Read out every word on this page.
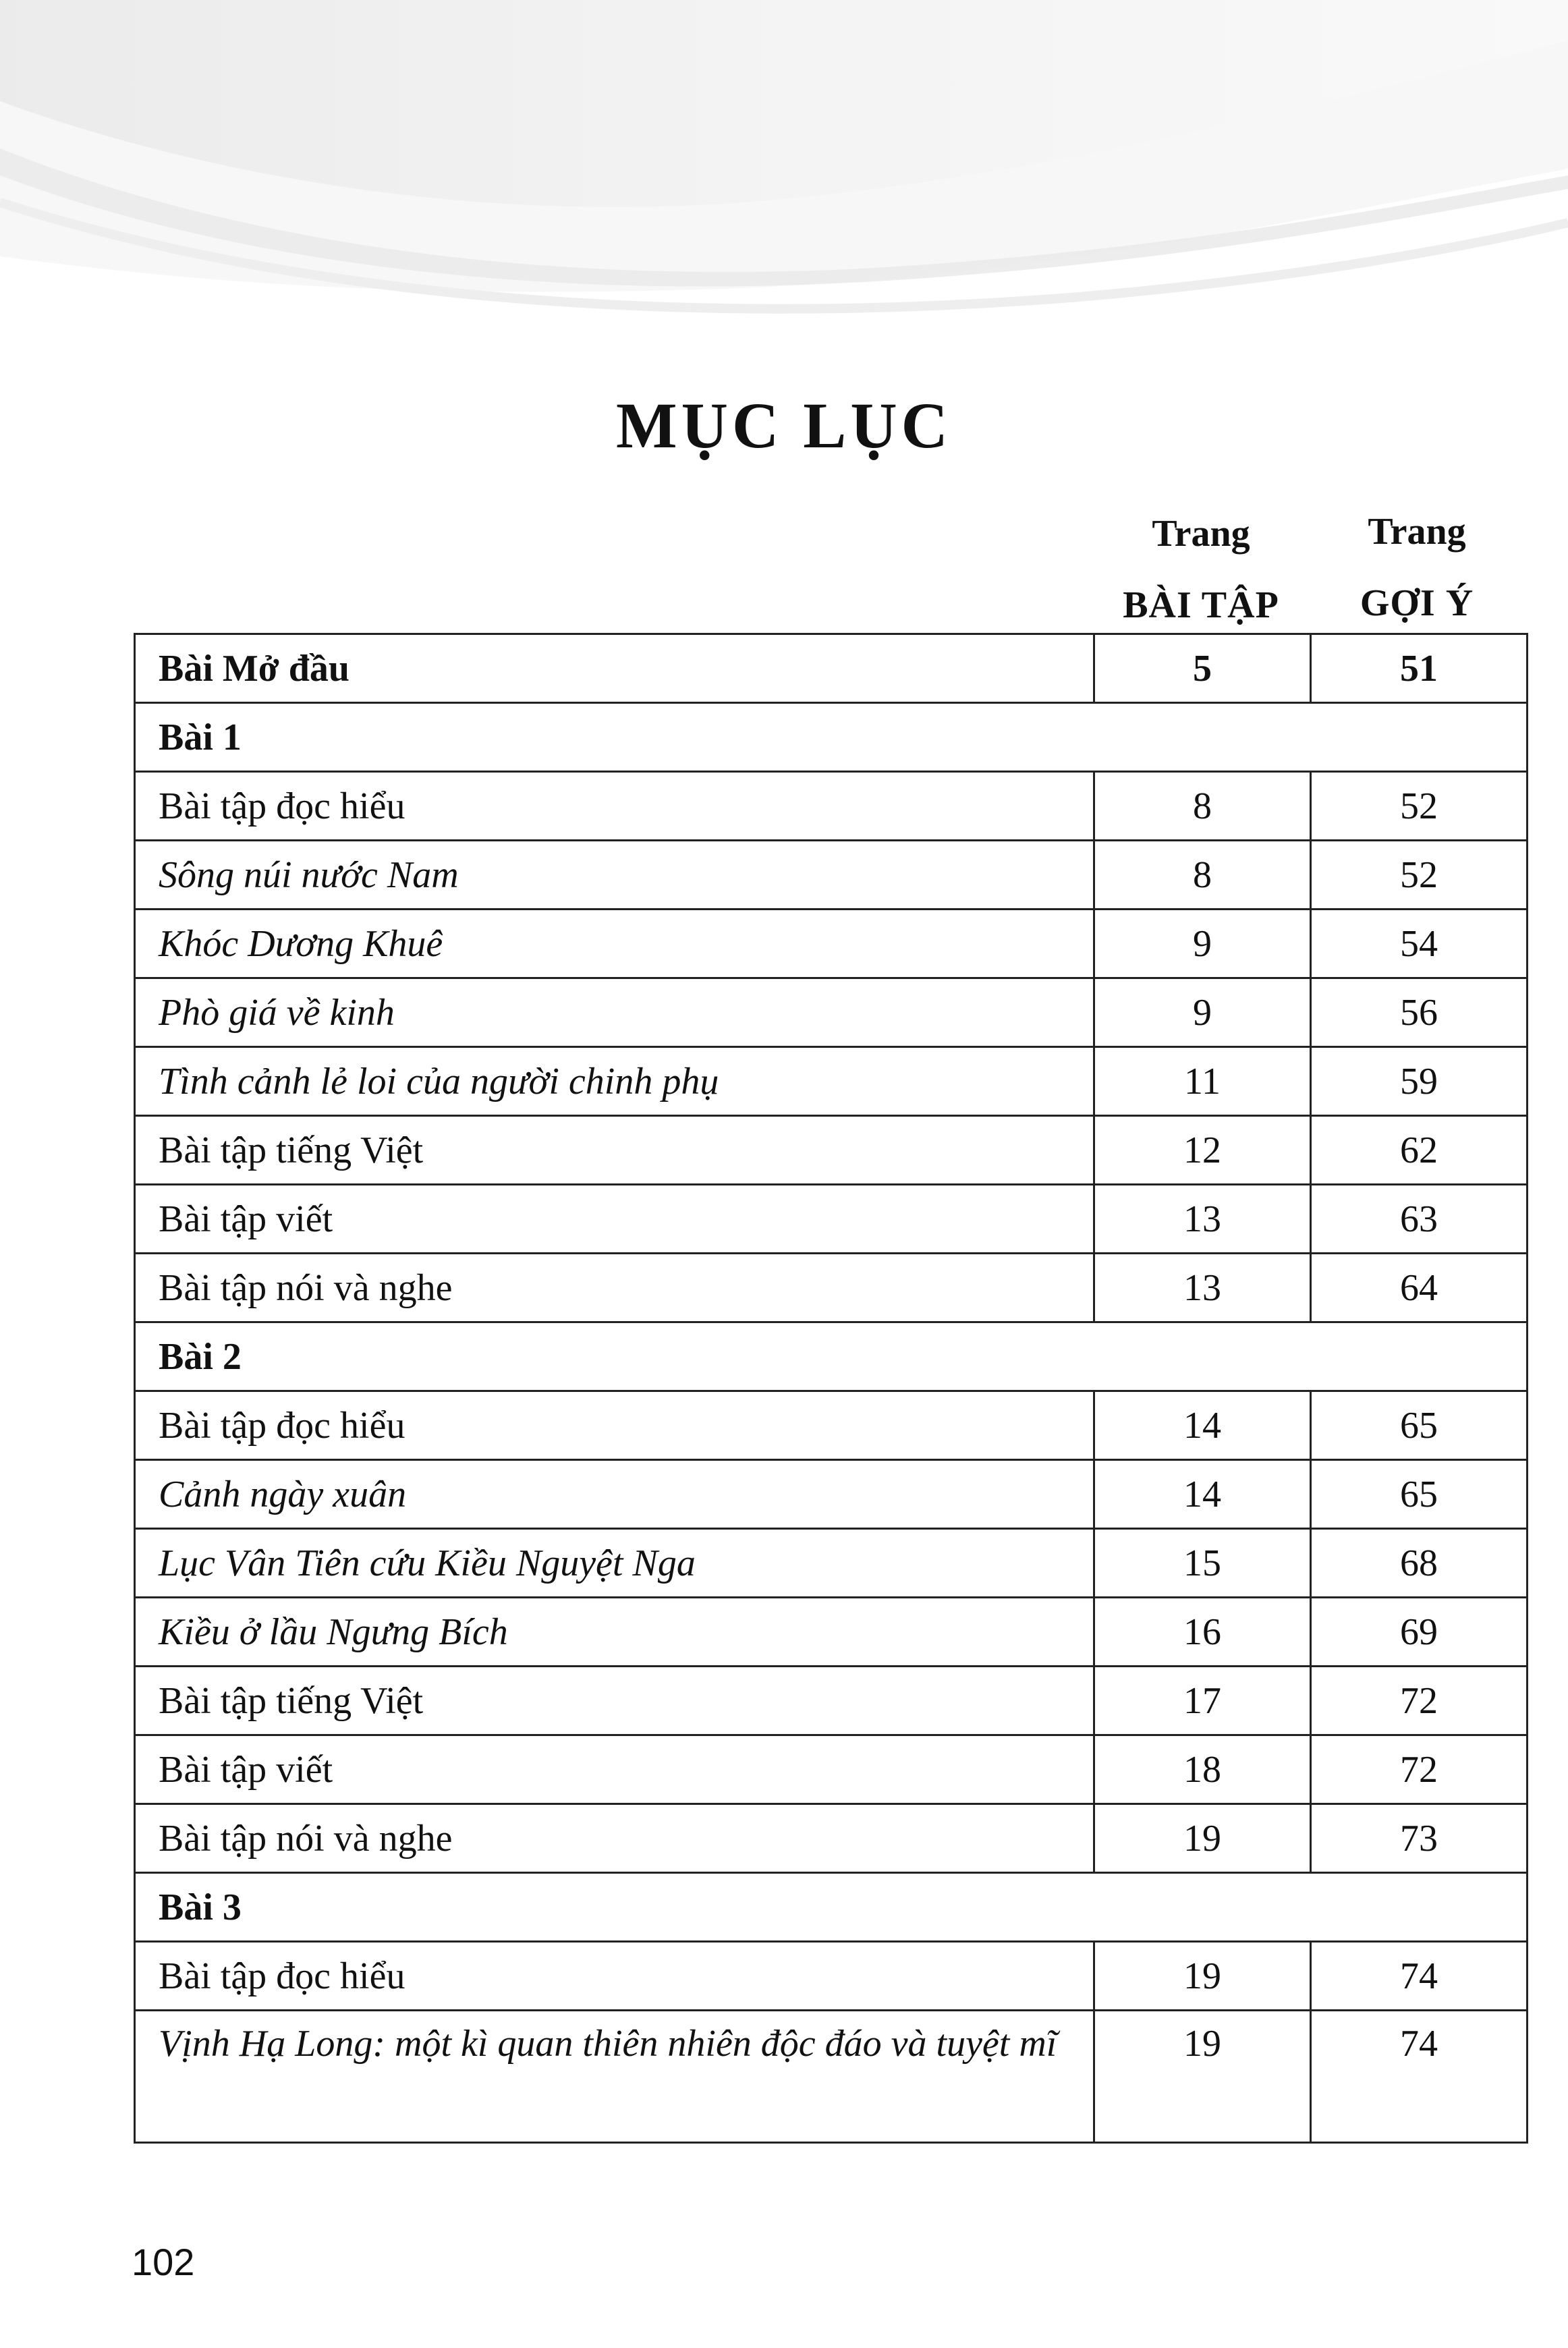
MỤC LỤC
Trang
BÀI TẬP
Trang
GỢI Ý
Bài Mở đầu	5	51
Bài 1		
Bài tập đọc hiểu	8	52
Sông núi nước Nam	8	52
Khóc Dương Khuê	9	54
Phò giá về kinh	9	56
Tình cảnh lẻ loi của người chinh phụ	11	59
Bài tập tiếng Việt	12	62
Bài tập viết	13	63
Bài tập nói và nghe	13	64
Bài 2		
Bài tập đọc hiểu	14	65
Cảnh ngày xuân	14	65
Lục Vân Tiên cứu Kiều Nguyệt Nga	15	68
Kiều ở lầu Ngưng Bích	16	69
Bài tập tiếng Việt	17	72
Bài tập viết	18	72
Bài tập nói và nghe	19	73
Bài 3		
Bài tập đọc hiểu	19	74
Vịnh Hạ Long: một kì quan thiên nhiên độc đáo và tuyệt mĩ	19	74
102
